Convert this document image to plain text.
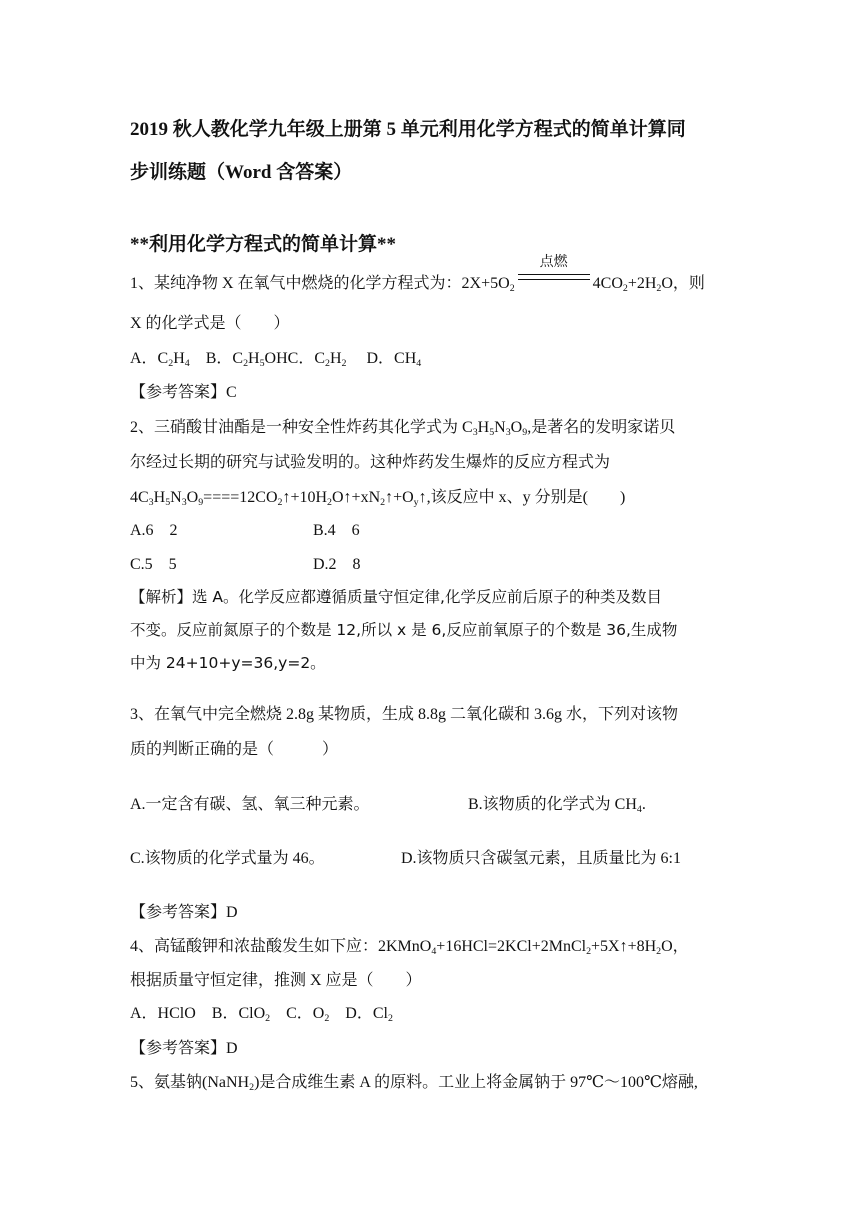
2019 秋人教化学九年级上册第 5 单元利用化学方程式的简单计算同
步训练题（Word 含答案）
**利用化学方程式的简单计算**
1、某纯净物 X 在氧气中燃烧的化学方程式为：$2X+5O_2$
点燃
$4CO_2+2H_2O$，则
X 的化学式是（　　）
A．$C_2H_4$ B．$C_2H_5OHC$．$C_2H_2$ D．$CH_4$
【参考答案】C
2、三硝酸甘油酯是一种安全性炸药其化学式为 $C_3H_5N_3O_9$,是著名的发明家诺贝
尔经过长期的研究与试验发明的。这种炸药发生爆炸的反应方程式为
$4C_3H_5N_3O_9====12CO_2↑+10H_2O↑+xN_2↑+O_y↑$,该反应中 x、y 分别是(　　)
A.6　2	B.4　6
C.5　5	D.2　8
【解析】选 A。化学反应都遵循质量守恒定律,化学反应前后原子的种类及数目
不变。反应前氮原子的个数是 12,所以 x 是 6,反应前氧原子的个数是 36,生成物
中为 24+10+y=36,y=2。
3、在氧气中完全燃烧 2.8g 某物质，生成 8.8g 二氧化碳和 3.6g 水，下列对该物
质的判断正确的是（　　　）
A.一定含有碳、氢、氧三种元素。	B.该物质的化学式为 $CH_4$.
C.该物质的化学式量为 46。	D.该物质只含碳氢元素，且质量比为 6:1
【参考答案】D
4、高锰酸钾和浓盐酸发生如下应：$2KMnO_4+16HCl=2KCl+2MnCl_2+5X↑+8H_2O$，
根据质量守恒定律，推测 X 应是（　　）
A．HClO　B．ClO$_2$　C．$O_2$　D．$Cl_2$
【参考答案】D
5、氨基钠(NaNH$_2$)是合成维生素 A 的原料。工业上将金属钠于 97℃～100℃熔融,
